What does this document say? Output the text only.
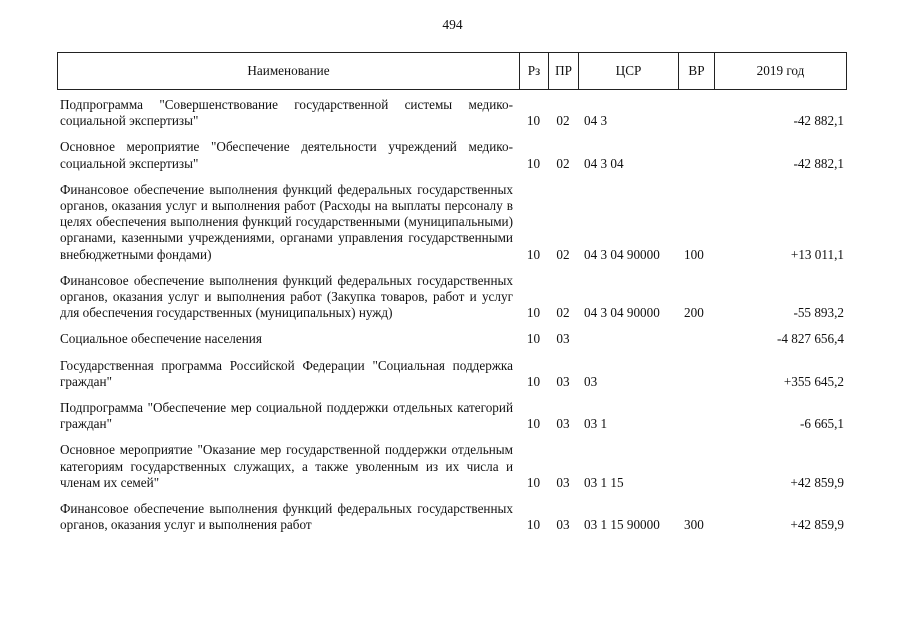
494
Наименование	Рз	ПР	ЦСР	ВР	2019 год
Подпрограмма "Совершенствование государственной системы медико-социальной экспертизы"	10	02	04 3		-42 882,1
Основное мероприятие "Обеспечение деятельности учреждений медико-социальной экспертизы"	10	02	04 3 04		-42 882,1
Финансовое обеспечение выполнения функций федеральных государственных органов, оказания услуг и выполнения работ (Расходы на выплаты персоналу в целях обеспечения выполнения функций государственными (муниципальными) органами, казенными учреждениями, органами управления государственными внебюджетными фондами)	10	02	04 3 04 90000	100	+13 011,1
Финансовое обеспечение выполнения функций федеральных государственных органов, оказания услуг и выполнения работ (Закупка товаров, работ и услуг для обеспечения государственных (муниципальных) нужд)	10	02	04 3 04 90000	200	-55 893,2
Социальное обеспечение населения	10	03			-4 827 656,4
Государственная программа Российской Федерации "Социальная поддержка граждан"	10	03	03		+355 645,2
Подпрограмма "Обеспечение мер социальной поддержки отдельных категорий граждан"	10	03	03 1		-6 665,1
Основное мероприятие "Оказание мер государственной поддержки отдельным категориям государственных служащих, а также уволенным из их числа и членам их семей"	10	03	03 1 15		+42 859,9
Финансовое обеспечение выполнения функций федеральных государственных органов, оказания услуг и выполнения работ	10	03	03 1 15 90000	300	+42 859,9
